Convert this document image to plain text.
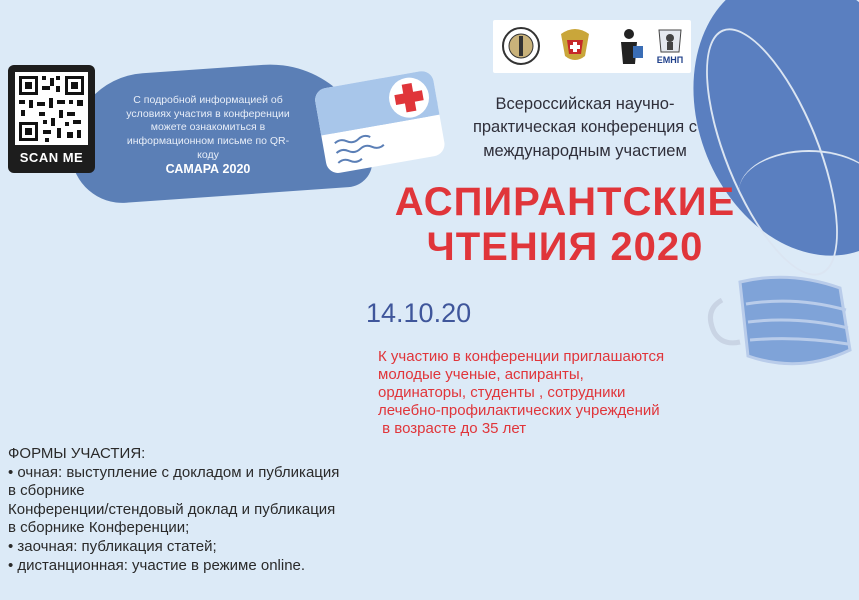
SCAN ME
С подробной информацией об условиях участия в конференции можете ознакомиться в информационном письме по QR- коду
САМАРА 2020
ЕМНП
Всероссийская научно-
практическая конференция с
международным участием
АСПИРАНТСКИЕ
ЧТЕНИЯ 2020
14.10.20
К участию в конференции приглашаются
молодые ученые, аспиранты,
ординаторы, студенты , сотрудники
лечебно-профилактических учреждений
в возрасте до 35 лет
ФОРМЫ УЧАСТИЯ:
• очная: выступление с докладом и публикация
в сборнике
Конференции/стендовый доклад и публикация
в сборнике Конференции;
• заочная: публикация статей;
• дистанционная: участие в режиме online.
